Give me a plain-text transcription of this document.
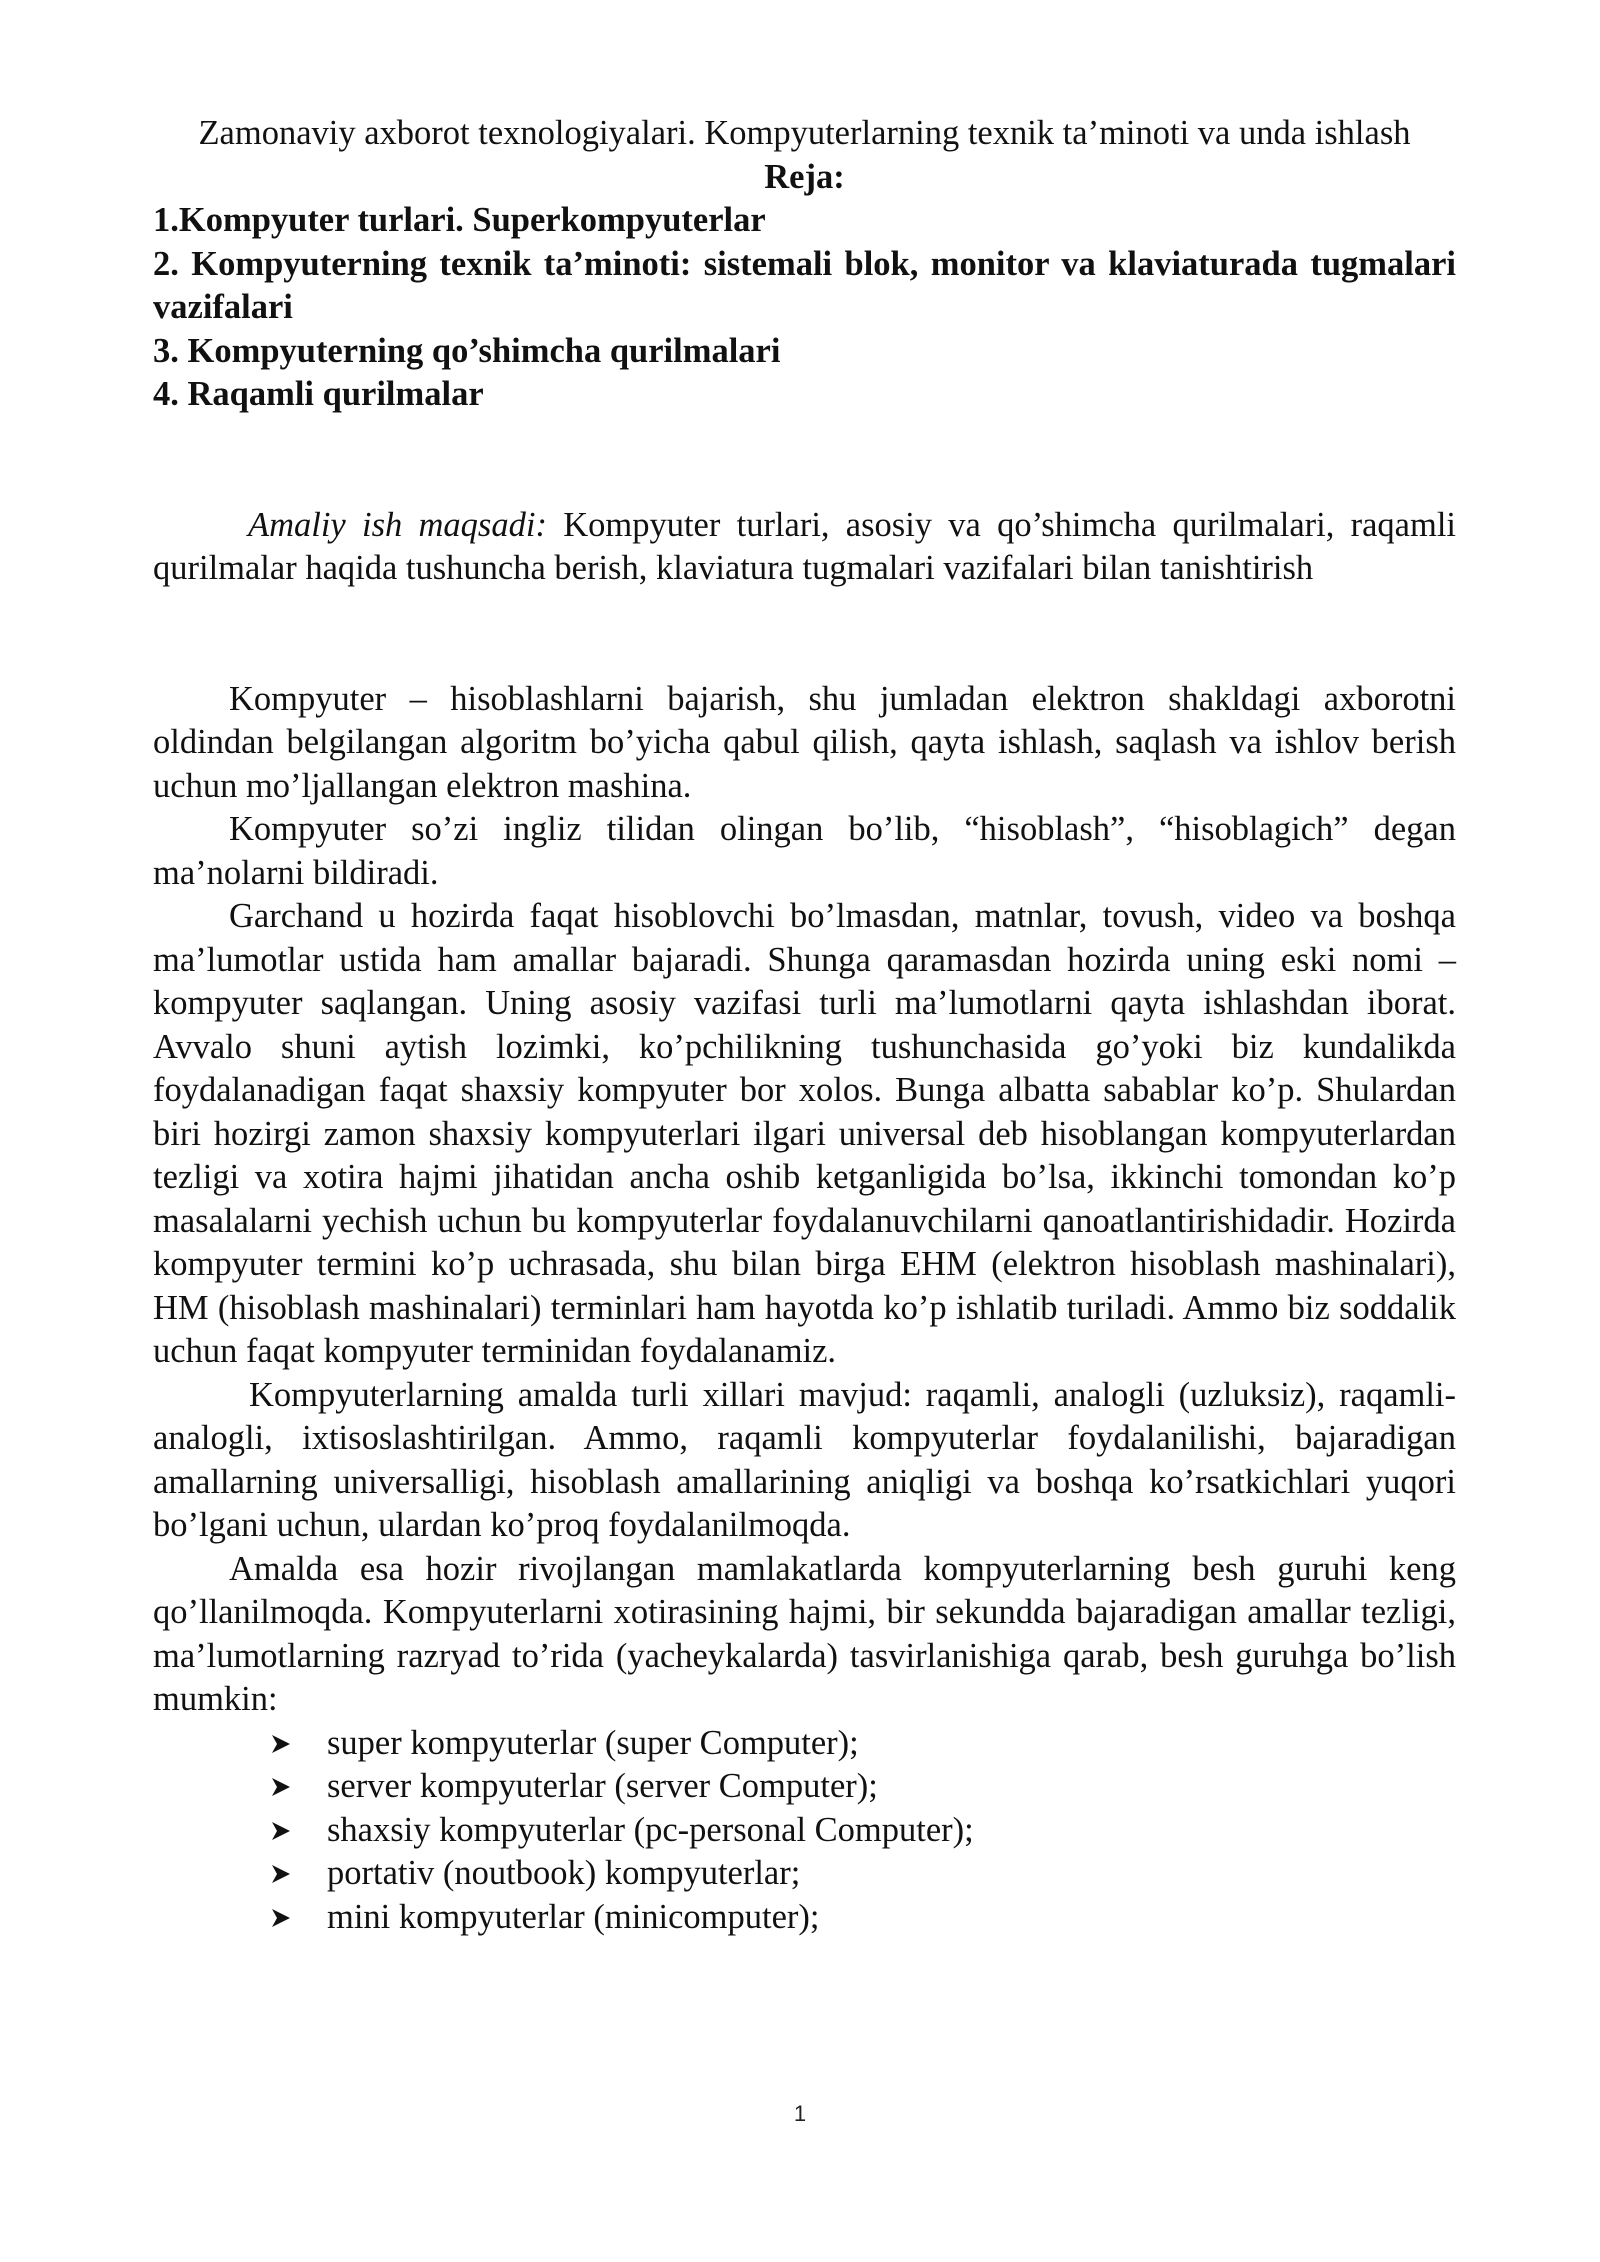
Zamonaviy axborot texnologiyalari. Kompyuterlarning texnik ta’minoti va unda ishlash

Reja:

1.Kompyuter turlari. Superkompyuterlar

2. Kompyuterning texnik ta’minoti: sistemali blok, monitor va klaviaturada tugmalari vazifalari

3. Kompyuterning qo’shimcha qurilmalari

4. Raqamli qurilmalar

Amaliy ish maqsadi: Kompyuter turlari, asosiy va qo’shimcha qurilmalari, raqamli qurilmalar haqida tushuncha berish, klaviatura tugmalari vazifalari bilan tanishtirish

Kompyuter – hisoblashlarni bajarish, shu jumladan elektron shakldagi axborotni oldindan belgilangan algoritm bo’yicha qabul qilish, qayta ishlash, saqlash va ishlov berish uchun mo’ljallangan elektron mashina.

Kompyuter so’zi ingliz tilidan olingan bo’lib, “hisoblash”, “hisoblagich” degan ma’nolarni bildiradi.

Garchand u hozirda faqat hisoblovchi bo’lmasdan, matnlar, tovush, video va boshqa ma’lumotlar ustida ham amallar bajaradi. Shunga qaramasdan hozirda uning eski nomi – kompyuter saqlangan. Uning asosiy vazifasi turli ma’lumotlarni qayta ishlashdan iborat. Avvalo shuni aytish lozimki, ko’pchilikning tushunchasida go’yoki biz kundalikda foydalanadigan faqat shaxsiy kompyuter bor xolos. Bunga albatta sabablar ko’p. Shulardan biri hozirgi zamon shaxsiy kompyuterlari ilgari universal deb hisoblangan kompyuterlardan tezligi va xotira hajmi jihatidan ancha oshib ketganligida bo’lsa, ikkinchi tomondan ko’p masalalarni yechish uchun bu kompyuterlar foydalanuvchilarni qanoatlantirishidadir. Hozirda kompyuter termini ko’p uchrasada, shu bilan birga EHM (elektron hisoblash mashinalari), HM (hisoblash mashinalari) terminlari ham hayotda ko’p ishlatib turiladi. Ammo biz soddalik uchun faqat kompyuter terminidan foydalanamiz.

Kompyuterlarning amalda turli xillari mavjud: raqamli, analogli (uzluksiz), raqamli-analogli, ixtisoslashtirilgan. Ammo, raqamli kompyuterlar foydalanilishi, bajaradigan amallarning universalligi, hisoblash amallarining aniqligi va boshqa ko’rsatkichlari yuqori bo’lgani uchun, ulardan ko’proq foydalanilmoqda.

Amalda esa hozir rivojlangan mamlakatlarda kompyuterlarning besh guruhi keng qo’llanilmoqda. Kompyuterlarni xotirasining hajmi, bir sekundda bajaradigan amallar tezligi, ma’lumotlarning razryad to’rida (yacheykalarda) tasvirlanishiga qarab, besh guruhga bo’lish mumkin:

super kompyuterlar (super Computer);
server kompyuterlar (server Computer);
shaxsiy kompyuterlar (pc-personal Computer);
portativ (noutbook) kompyuterlar;
mini kompyuterlar (minicomputer);
1
